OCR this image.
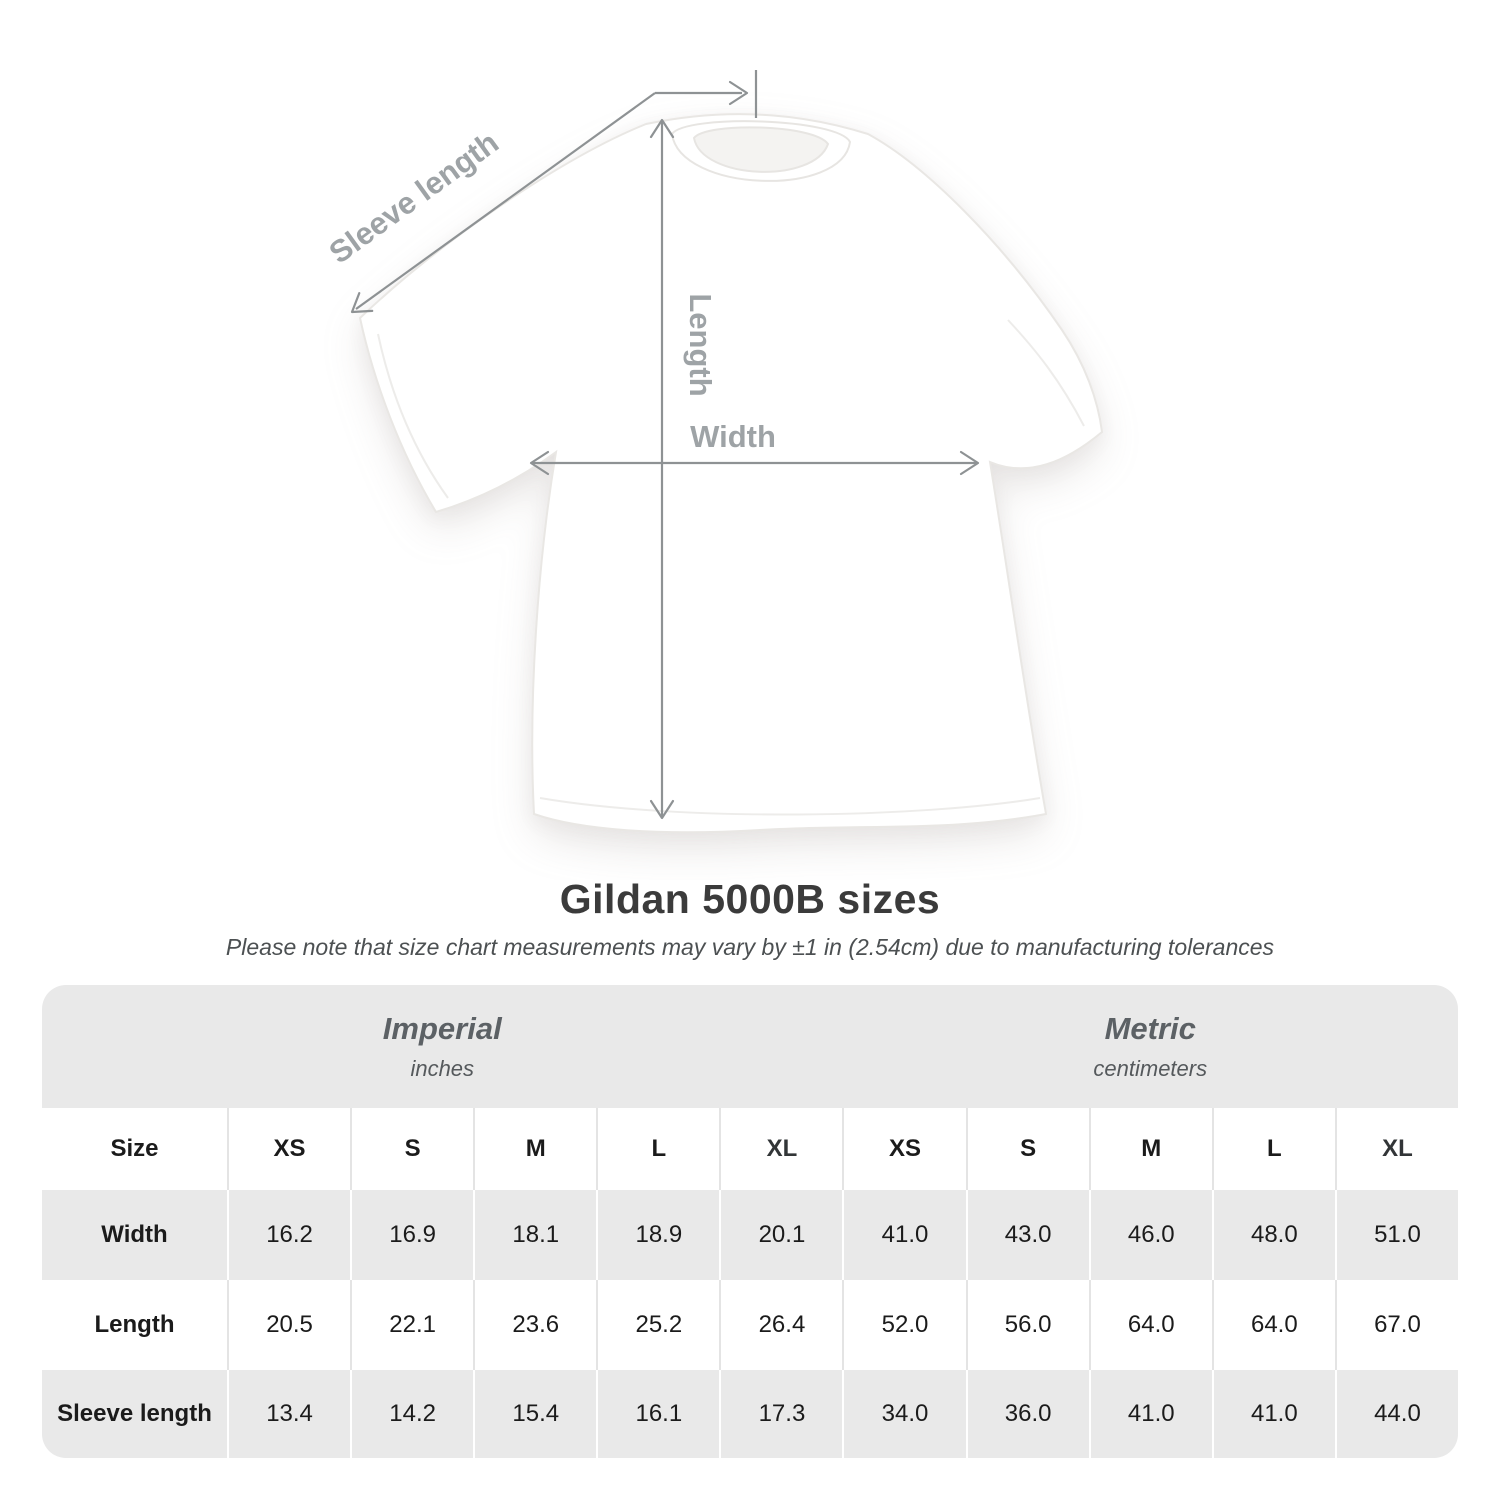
Sleeve length
Length
Width
Gildan 5000B sizes

Please note that size chart measurements may vary by ±1 in (2.54cm) due to manufacturing tolerances

Imperial
inches
Metric
centimeters
Size	XS	S	M	L	XL	XS	S	M	L	XL
Width	16.2	16.9	18.1	18.9	20.1	41.0	43.0	46.0	48.0	51.0
Length	20.5	22.1	23.6	25.2	26.4	52.0	56.0	64.0	64.0	67.0
Sleeve length	13.4	14.2	15.4	16.1	17.3	34.0	36.0	41.0	41.0	44.0
